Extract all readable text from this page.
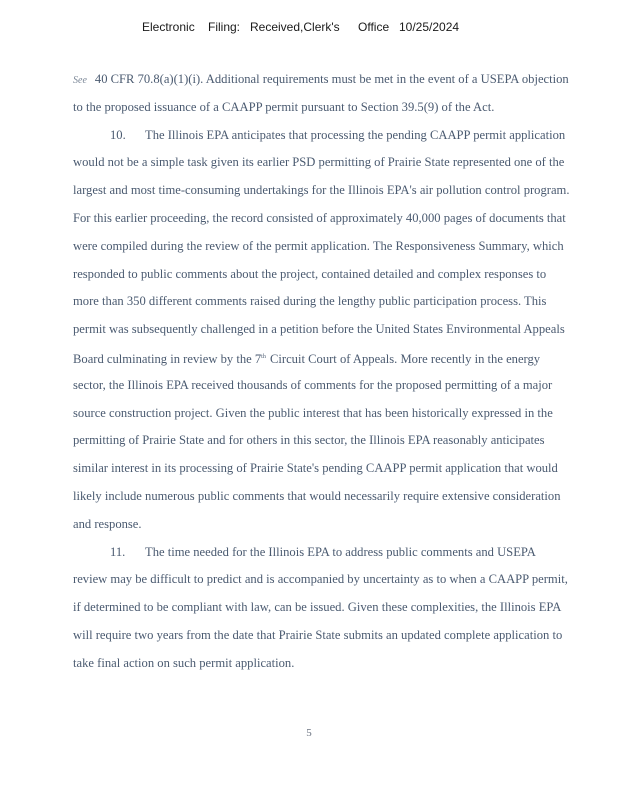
Electronic Filing: Received,Clerk's Office 10/25/2024
See 40 CFR 70.8(a)(1)(i). Additional requirements must be met in the event of a USEPA objection
to the proposed issuance of a CAAPP permit pursuant to Section 39.5(9) of the Act.
10. The Illinois EPA anticipates that processing the pending CAAPP permit application
would not be a simple task given its earlier PSD permitting of Prairie State represented one of the
largest and most time-consuming undertakings for the Illinois EPA's air pollution control program.
For this earlier proceeding, the record consisted of approximately 40,000 pages of documents that
were compiled during the review of the permit application. The Responsiveness Summary, which
responded to public comments about the project, contained detailed and complex responses to
more than 350 different comments raised during the lengthy public participation process. This
permit was subsequently challenged in a petition before the United States Environmental Appeals
Board culminating in review by the 7th Circuit Court of Appeals. More recently in the energy
sector, the Illinois EPA received thousands of comments for the proposed permitting of a major
source construction project. Given the public interest that has been historically expressed in the
permitting of Prairie State and for others in this sector, the Illinois EPA reasonably anticipates
similar interest in its processing of Prairie State's pending CAAPP permit application that would
likely include numerous public comments that would necessarily require extensive consideration
and response.
11. The time needed for the Illinois EPA to address public comments and USEPA
review may be difficult to predict and is accompanied by uncertainty as to when a CAAPP permit,
if determined to be compliant with law, can be issued. Given these complexities, the Illinois EPA
will require two years from the date that Prairie State submits an updated complete application to
take final action on such permit application.
5
